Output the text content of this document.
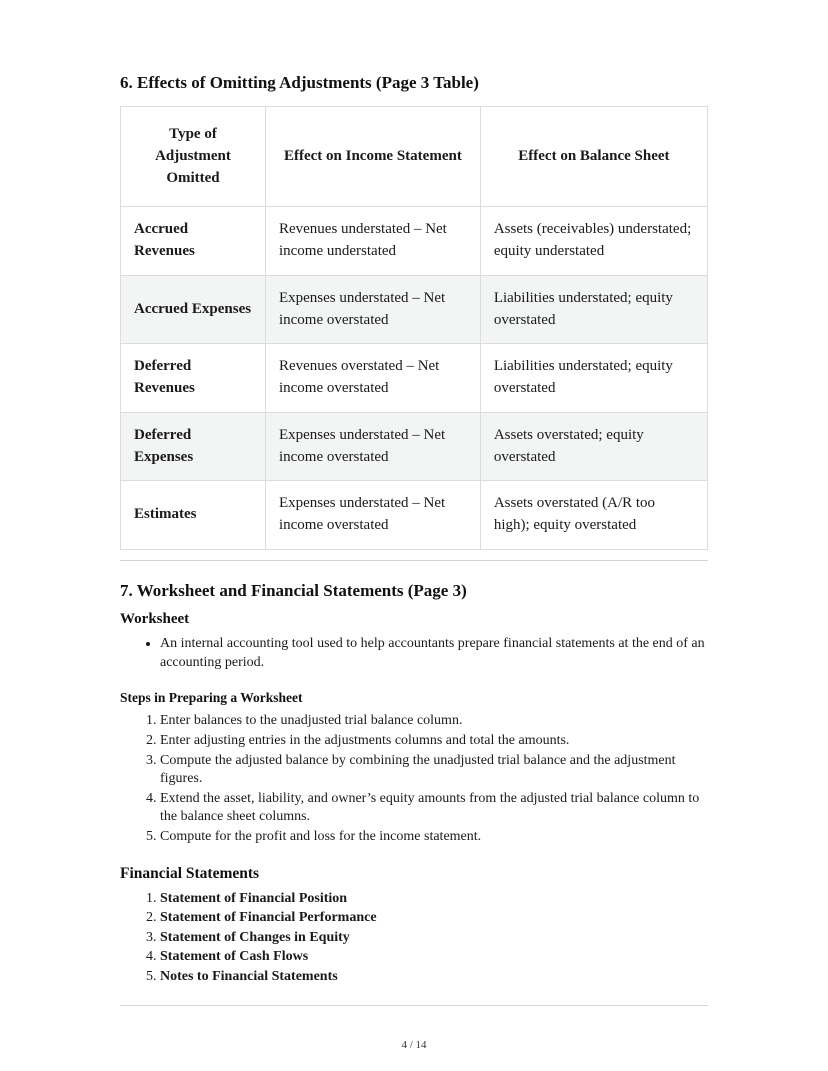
6. Effects of Omitting Adjustments (Page 3 Table)
Type of Adjustment Omitted	Effect on Income Statement	Effect on Balance Sheet
Accrued Revenues	Revenues understated – Net income understated	Assets (receivables) understated; equity understated
Accrued Expenses	Expenses understated – Net income overstated	Liabilities understated; equity overstated
Deferred Revenues	Revenues overstated – Net income overstated	Liabilities understated; equity overstated
Deferred Expenses	Expenses understated – Net income overstated	Assets overstated; equity overstated
Estimates	Expenses understated – Net income overstated	Assets overstated (A/R too high); equity overstated
7. Worksheet and Financial Statements (Page 3)
Worksheet
• An internal accounting tool used to help accountants prepare financial statements at the end of an accounting period.
Steps in Preparing a Worksheet
1. Enter balances to the unadjusted trial balance column.
2. Enter adjusting entries in the adjustments columns and total the amounts.
3. Compute the adjusted balance by combining the unadjusted trial balance and the adjustment figures.
4. Extend the asset, liability, and owner’s equity amounts from the adjusted trial balance column to the balance sheet columns.
5. Compute for the profit and loss for the income statement.
Financial Statements
1. Statement of Financial Position
2. Statement of Financial Performance
3. Statement of Changes in Equity
4. Statement of Cash Flows
5. Notes to Financial Statements
4 / 14
